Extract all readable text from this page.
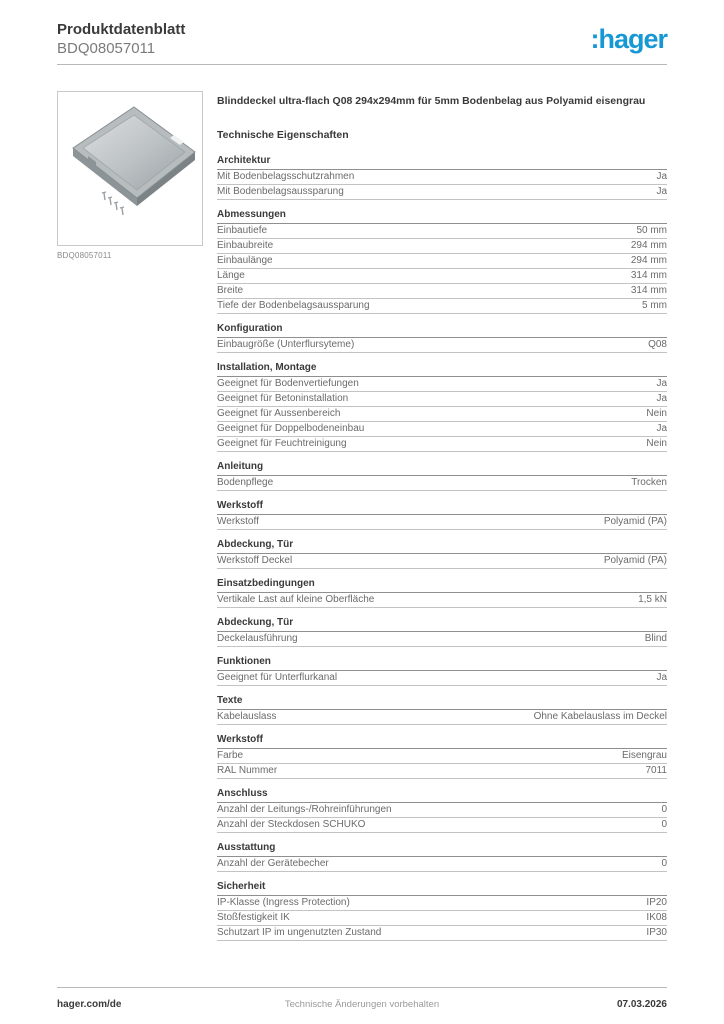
Produktdatenblatt
BDQ08057011	:hager
BDQ08057011
Blinddeckel ultra-flach Q08 294x294mm für 5mm Bodenbelag aus Polyamid eisengrau
Technische Eigenschaften
Architektur
Mit Bodenbelagsschutzrahmen	Ja
Mit Bodenbelagsaussparung	Ja
Abmessungen
Einbautiefe	50 mm
Einbaubreite	294 mm
Einbaulänge	294 mm
Länge	314 mm
Breite	314 mm
Tiefe der Bodenbelagsaussparung	5 mm
Konfiguration
Einbaugröße (Unterflursyteme)	Q08
Installation, Montage
Geeignet für Bodenvertiefungen	Ja
Geeignet für Betoninstallation	Ja
Geeignet für Aussenbereich	Nein
Geeignet für Doppelbodeneinbau	Ja
Geeignet für Feuchtreinigung	Nein
Anleitung
Bodenpflege	Trocken
Werkstoff
Werkstoff	Polyamid (PA)
Abdeckung, Tür
Werkstoff Deckel	Polyamid (PA)
Einsatzbedingungen
Vertikale Last auf kleine Oberfläche	1,5 kN
Abdeckung, Tür
Deckelausführung	Blind
Funktionen
Geeignet für Unterflurkanal	Ja
Texte
Kabelauslass	Ohne Kabelauslass im Deckel
Werkstoff
Farbe	Eisengrau
RAL Nummer	7011
Anschluss
Anzahl der Leitungs-/Rohreinführungen	0
Anzahl der Steckdosen SCHUKO	0
Ausstattung
Anzahl der Gerätebecher	0
Sicherheit
IP-Klasse (Ingress Protection)	IP20
Stoßfestigkeit IK	IK08
Schutzart IP im ungenutzten Zustand	IP30
hager.com/de	Technische Änderungen vorbehalten	07.03.2026
